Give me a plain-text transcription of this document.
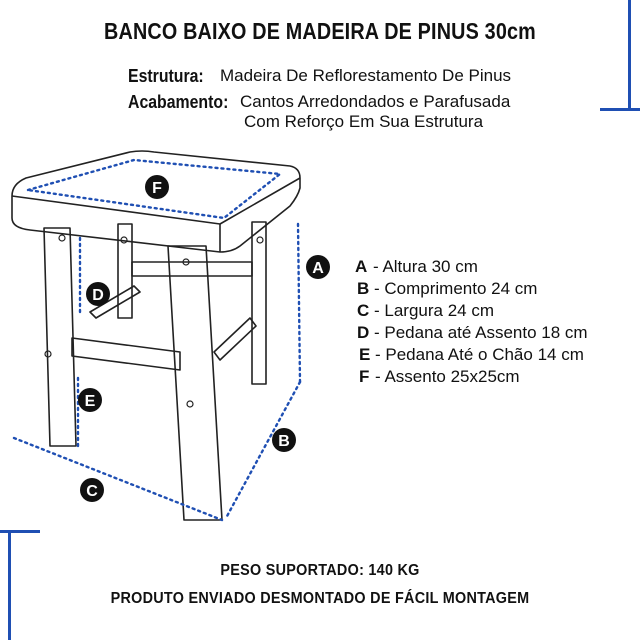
BANCO BAIXO DE MADEIRA DE PINUS 30cm
Estrutura: Madeira De Reflorestamento De Pinus
Acabamento: Cantos Arredondados e Parafusada
Com Reforço Em Sua Estrutura
F
A
D
E
B
C
A - Altura 30 cm
B - Comprimento 24 cm
C - Largura 24 cm
D - Pedana até Assento 18 cm
E - Pedana Até o Chão 14 cm
F - Assento 25x25cm
PESO SUPORTADO: 140 KG
PRODUTO ENVIADO DESMONTADO DE FÁCIL MONTAGEM
